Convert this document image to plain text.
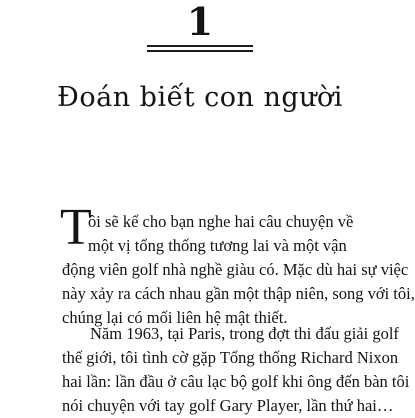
1
Đoán biết con người
T
ôi sẽ kể cho bạn nghe hai câu chuyện về
một vị tổng thống tương lai và một vận
động viên golf nhà nghề giàu có. Mặc dù hai sự việc
này xảy ra cách nhau gần một thập niên, song với tôi,
chúng lại có mối liên hệ mật thiết.
Năm 1963, tại Paris, trong đợt thi đấu giải golf
thế giới, tôi tình cờ gặp Tổng thống Richard Nixon
hai lần: lần đầu ở câu lạc bộ golf khi ông đến bàn tôi
nói chuyện với tay golf Gary Player, lần thứ hai…
